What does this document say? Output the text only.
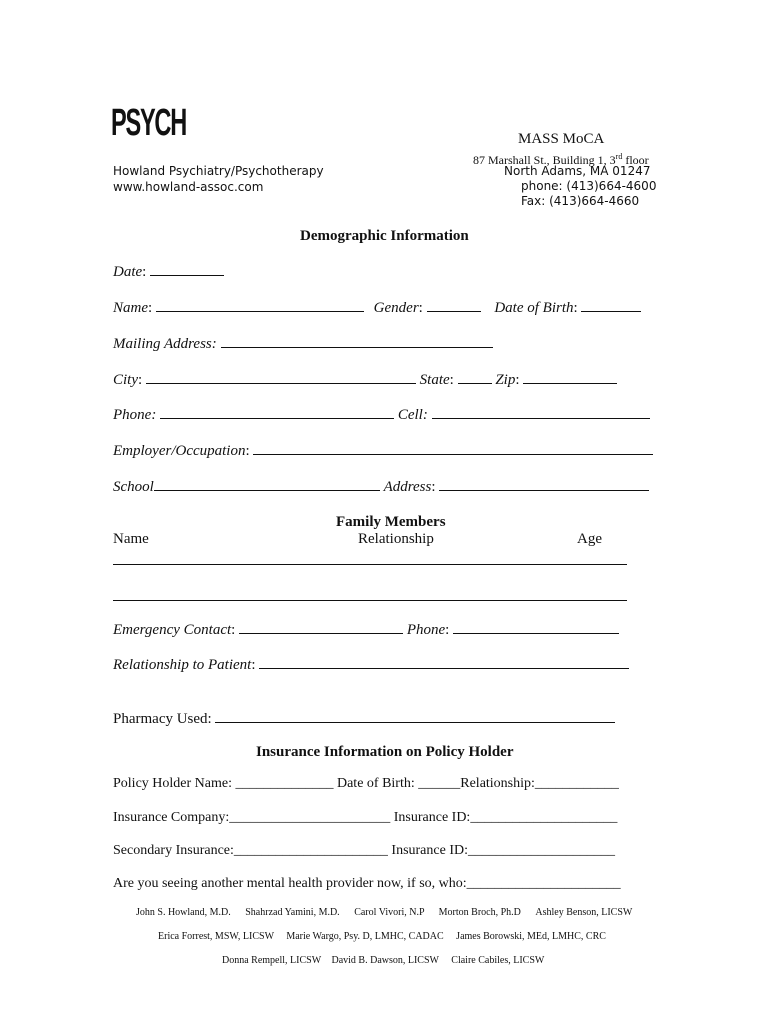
PSYCH
Howland Psychiatry/Psychotherapy
www.howland-assoc.com
MASS MoCA
87 Marshall St., Building 1, 3rd floor
North Adams, MA 01247
phone: (413)664-4600
Fax: (413)664-4660
Demographic Information
Date:
Name:	Gender:	Date of Birth:
Mailing Address:
City:	State:	Zip:
Phone:	Cell:
Employer/Occupation:
School	Address:
Family Members
Name	Relationship	Age
Emergency Contact:	Phone:
Relationship to Patient:
Pharmacy Used:
Insurance Information on Policy Holder
Policy Holder Name: ______________ Date of Birth: ______Relationship:____________
Insurance Company:_______________________ Insurance ID:_____________________
Secondary Insurance:______________________ Insurance ID:_____________________
Are you seeing another mental health provider now, if so, who:______________________
John S. Howland, M.D. Shahrzad Yamini, M.D. Carol Vivori, N.P Morton Broch, Ph.D Ashley Benson, LICSW
Erica Forrest, MSW, LICSW Marie Wargo, Psy. D, LMHC, CADAC James Borowski, MEd, LMHC, CRC
Donna Rempell, LICSW David B. Dawson, LICSW Claire Cabiles, LICSW
